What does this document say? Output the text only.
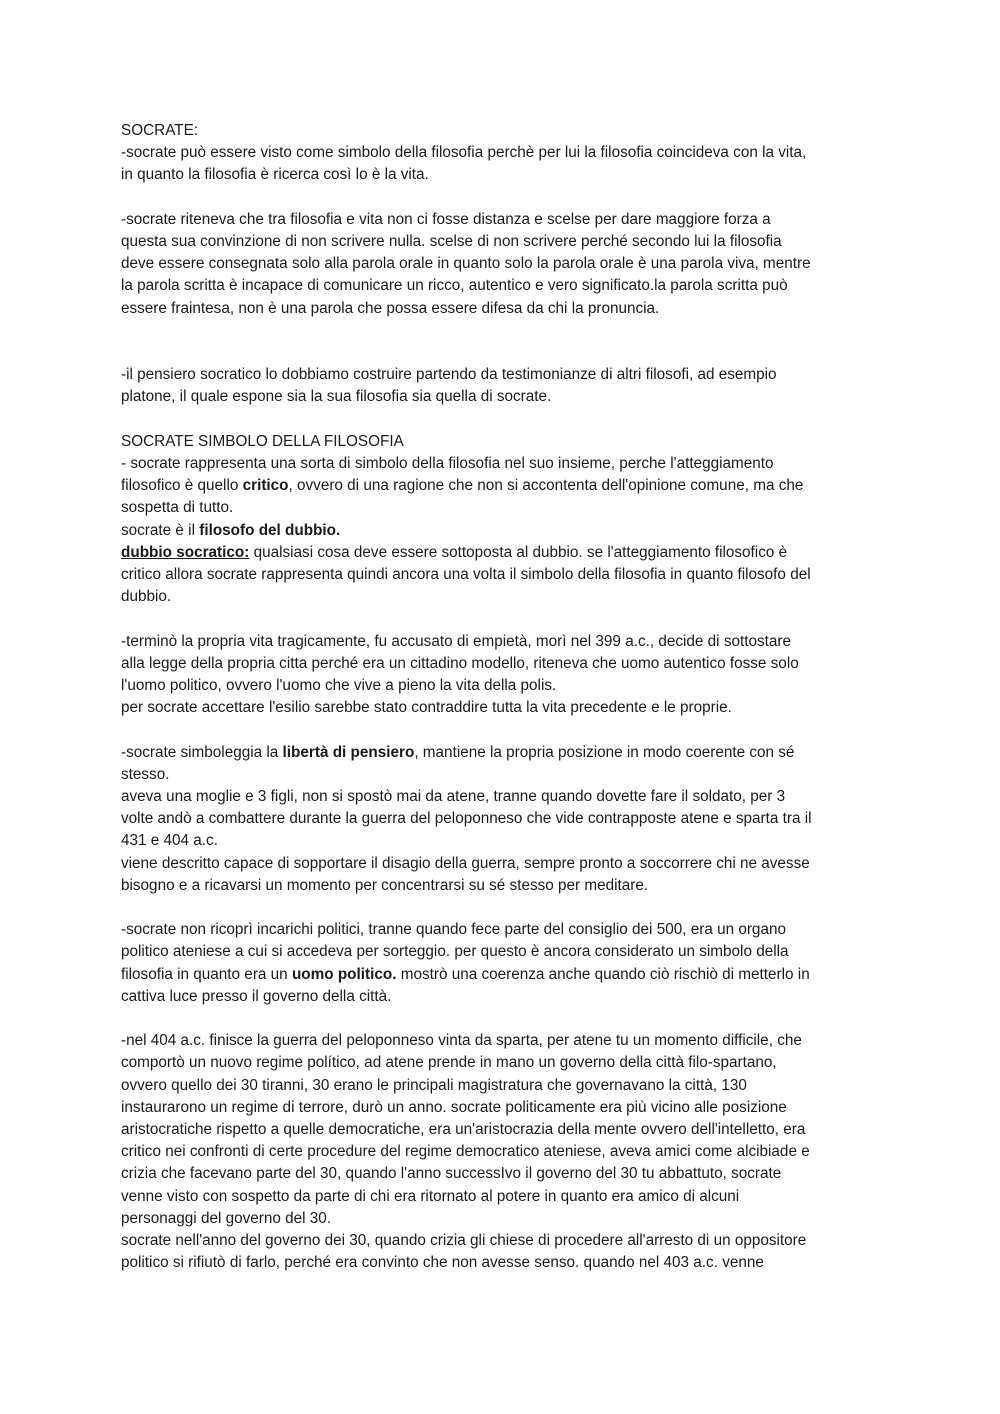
SOCRATE:
-socrate può essere visto come simbolo della filosofia perchè per lui la filosofia coincideva con la vita,
in quanto la filosofia è ricerca così lo è la vita.
-socrate riteneva che tra filosofia e vita non ci fosse distanza e scelse per dare maggiore forza a
questa sua convinzione di non scrivere nulla. scelse di non scrivere perché secondo lui la filosofia
deve essere consegnata solo alla parola orale in quanto solo la parola orale è una parola viva, mentre
la parola scritta è incapace di comunicare un ricco, autentico e vero significato.la parola scritta può
essere fraintesa, non è una parola che possa essere difesa da chi la pronuncia.
-il pensiero socratico lo dobbiamo costruire partendo da testimonianze di altri filosofi, ad esempio
platone, il quale espone sia la sua filosofia sia quella di socrate.
SOCRATE SIMBOLO DELLA FILOSOFIA
- socrate rappresenta una sorta di simbolo della filosofia nel suo insieme, perche l'atteggiamento
filosofico è quello critico, ovvero di una ragione che non si accontenta dell'opinione comune, ma che
sospetta di tutto.
socrate è il filosofo del dubbio.
dubbio socratico: qualsiasi cosa deve essere sottoposta al dubbio. se l'atteggiamento filosofico è
critico allora socrate rappresenta quindi ancora una volta il simbolo della filosofia in quanto filosofo del
dubbio.
-terminò la propria vita tragicamente, fu accusato di empietà, morì nel 399 a.c., decide di sottostare
alla legge della propria citta perché era un cittadino modello, riteneva che uomo autentico fosse solo
l'uomo politico, ovvero l'uomo che vive a pieno la vita della polis.
per socrate accettare l'esilio sarebbe stato contraddire tutta la vita precedente e le proprie.
-socrate simboleggia la libertà di pensiero, mantiene la propria posizione in modo coerente con sé
stesso.
aveva una moglie e 3 figli, non si spostò mai da atene, tranne quando dovette fare il soldato, per 3
volte andò a combattere durante la guerra del peloponneso che vide contrapposte atene e sparta tra il
431 e 404 a.c.
viene descritto capace di sopportare il disagio della guerra, sempre pronto a soccorrere chi ne avesse
bisogno e a ricavarsi un momento per concentrarsi su sé stesso per meditare.
-socrate non ricoprì incarichi politici, tranne quando fece parte del consiglio dei 500, era un organo
politico ateniese a cui si accedeva per sorteggio. per questo è ancora considerato un simbolo della
filosofia in quanto era un uomo politico. mostrò una coerenza anche quando ciò rischiò di metterlo in
cattiva luce presso il governo della città.
-nel 404 a.c. finisce la guerra del peloponneso vinta da sparta, per atene tu un momento difficile, che
comportò un nuovo regime político, ad atene prende in mano un governo della città filo-spartano,
ovvero quello dei 30 tiranni, 30 erano le principali magistratura che governavano la città, 130
instaurarono un regime di terrore, durò un anno. socrate politicamente era più vicino alle posizione
aristocratiche rispetto a quelle democratiche, era un'aristocrazia della mente ovvero dell'intelletto, era
critico nei confronti di certe procedure del regime democratico ateniese, aveva amici come alcibiade e
crizia che facevano parte del 30, quando l'anno successIvo il governo del 30 tu abbattuto, socrate
venne visto con sospetto da parte di chi era ritornato al potere in quanto era amico di alcuni
personaggi del governo del 30.
socrate nell'anno del governo dei 30, quando crizia gli chiese di procedere all'arresto di un oppositore
politico si rifiutò di farlo, perché era convinto che non avesse senso. quando nel 403 a.c. venne
